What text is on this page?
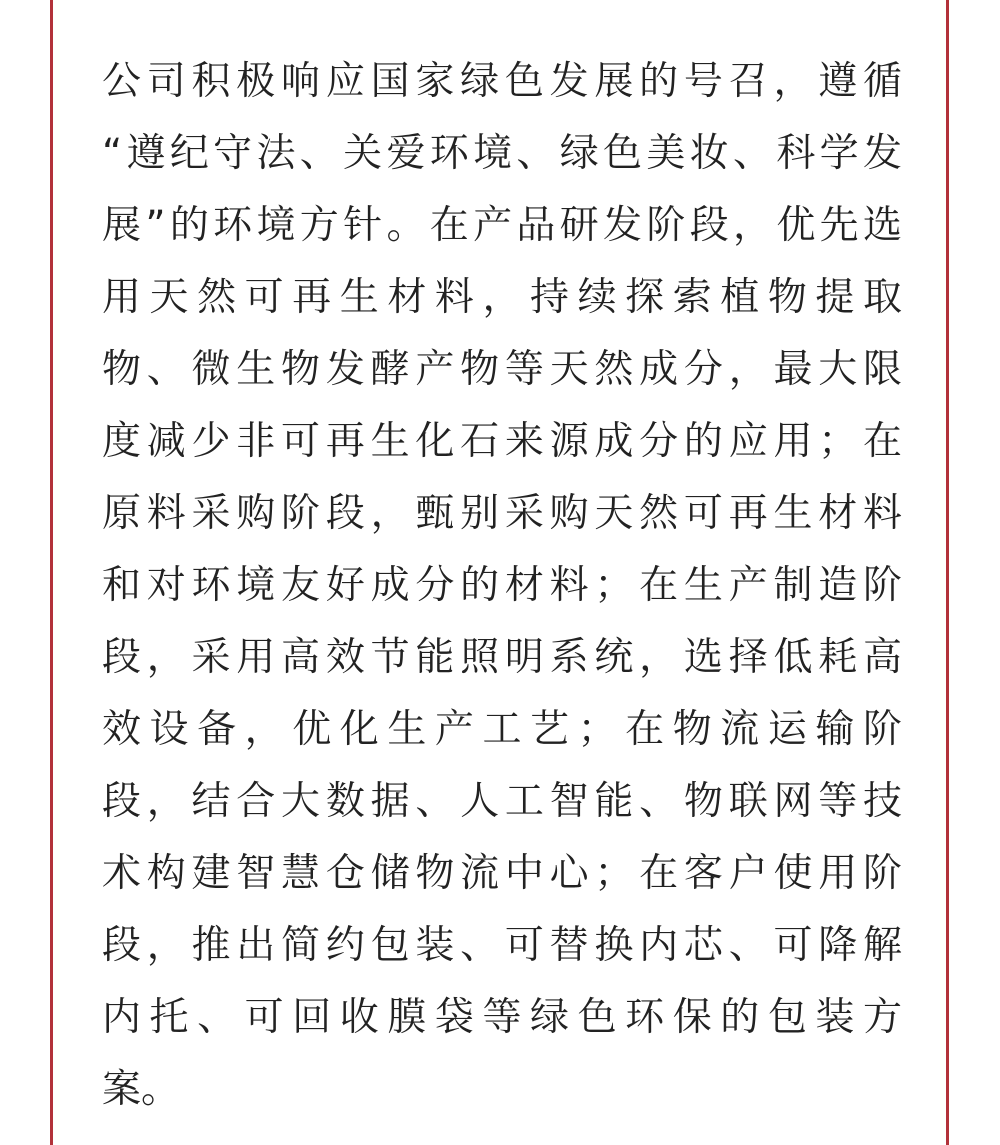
公司积极响应国家绿色发展的号召，遵循
“遵纪守法、关爱环境、绿色美妆、科学发
展”的环境方针。在产品研发阶段，优先选
用天然可再生材料，持续探索植物提取
物、微生物发酵产物等天然成分，最大限
度减少非可再生化石来源成分的应用；在
原料采购阶段，甄别采购天然可再生材料
和对环境友好成分的材料；在生产制造阶
段，采用高效节能照明系统，选择低耗高
效设备，优化生产工艺；在物流运输阶
段，结合大数据、人工智能、物联网等技
术构建智慧仓储物流中心；在客户使用阶
段，推出简约包装、可替换内芯、可降解
内托、可回收膜袋等绿色环保的包装方
案。
